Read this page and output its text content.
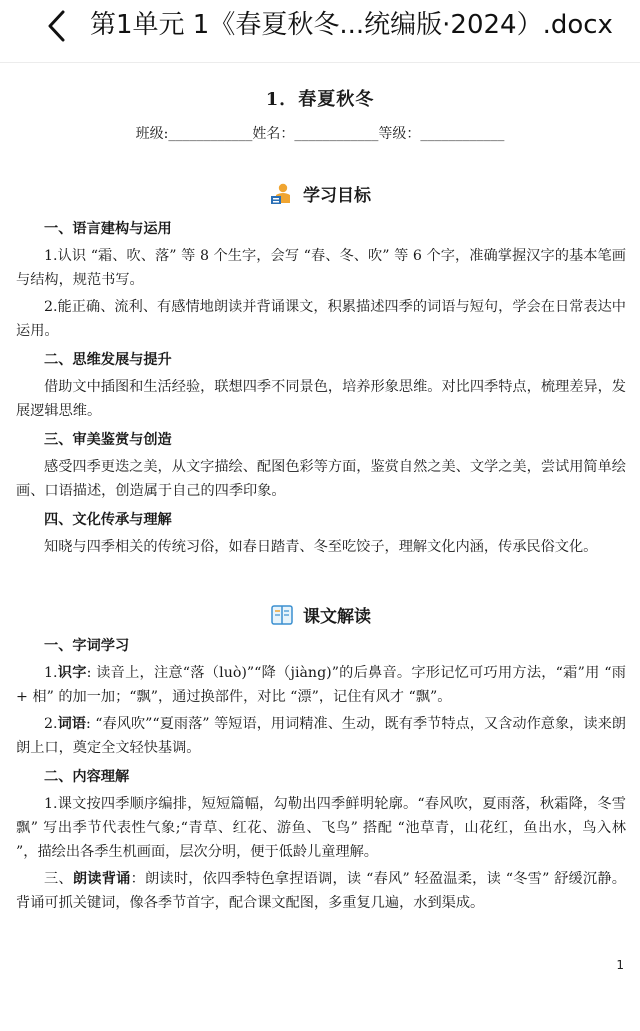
第1单元 1《春夏秋冬...统编版·2024）.docx
1．春夏秋冬
班级:____________姓名：____________等级：____________
学习目标

一、语言建构与运用

1.认识 “霜、吹、落” 等 8 个生字，会写 “春、冬、吹” 等 6 个字，准确掌握汉字的基本笔画与结构，规范书写。

2.能正确、流利、有感情地朗读并背诵课文，积累描述四季的词语与短句，学会在日常表达中运用。

二、思维发展与提升

借助文中插图和生活经验，联想四季不同景色，培养形象思维。对比四季特点，梳理差异，发展逻辑思维。

三、审美鉴赏与创造

感受四季更迭之美，从文字描绘、配图色彩等方面，鉴赏自然之美、文学之美，尝试用简单绘画、口语描述，创造属于自己的四季印象。

四、文化传承与理解

知晓与四季相关的传统习俗，如春日踏青、冬至吃饺子，理解文化内涵，传承民俗文化。

课文解读

一、字词学习

1.识字: 读音上，注意“落（luò)”“降（jiàng)”的后鼻音。字形记忆可巧用方法，“霜”用 “雨 + 相” 的加一加；“飘”，通过换部件，对比 “漂”，记住有风才 “飘”。

2.词语: “春风吹”“夏雨落” 等短语，用词精准、生动，既有季节特点，又含动作意象，读来朗朗上口，奠定全文轻快基调。

二、内容理解

1.课文按四季顺序编排，短短篇幅，勾勒出四季鲜明轮廓。“春风吹，夏雨落，秋霜降，冬雪飘” 写出季节代表性气象;“青草、红花、游鱼、飞鸟” 搭配 “池草青，山花红，鱼出水，鸟入林 ”，描绘出各季生机画面，层次分明，便于低龄儿童理解。

三、朗读背诵：朗读时，依四季特色拿捏语调，读 “春风” 轻盈温柔，读 “冬雪” 舒缓沉静。背诵可抓关键词，像各季节首字，配合课文配图，多重复几遍，水到渠成。

1
